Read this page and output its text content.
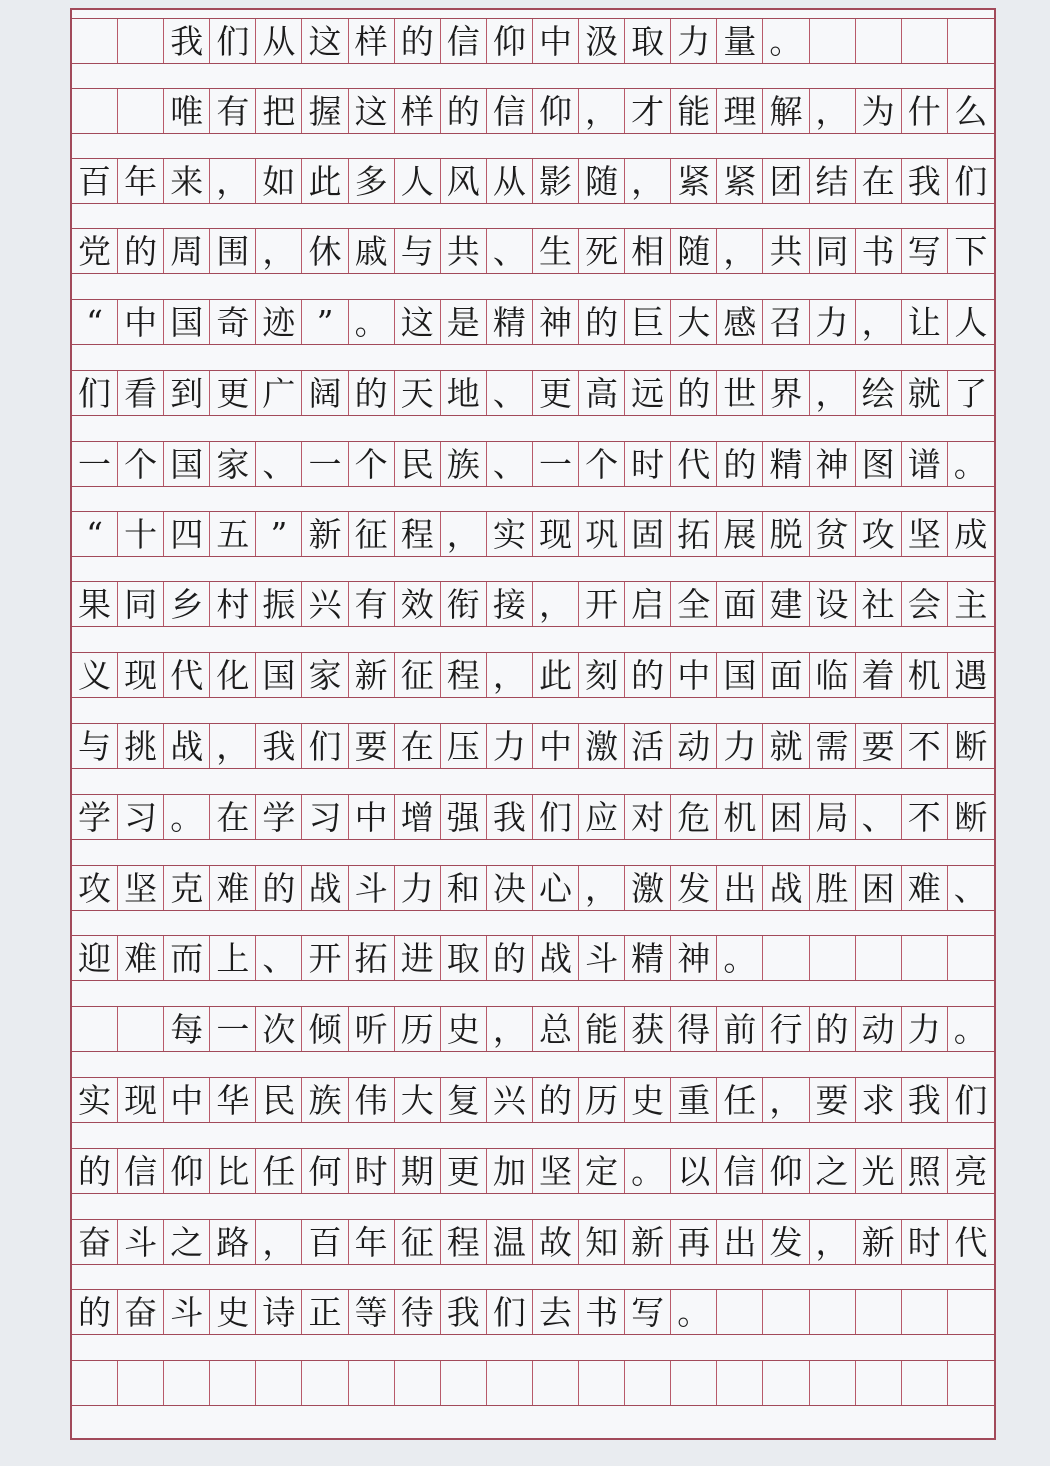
我 们 从 这 样 的 信 仰 中 汲 取 力 量 。
唯 有 把 握 这 样 的 信 仰 ， 才 能 理 解 ， 为 什 么
百 年 来 ， 如 此 多 人 风 从 影 随 ， 紧 紧 团 结 在 我 们
党 的 周 围 ， 休 戚 与 共 、 生 死 相 随 ， 共 同 书 写 下
“ 中 国 奇 迹 ” 。 这 是 精 神 的 巨 大 感 召 力 ， 让 人
们 看 到 更 广 阔 的 天 地 、 更 高 远 的 世 界 ， 绘 就 了
一 个 国 家 、 一 个 民 族 、 一 个 时 代 的 精 神 图 谱 。
“ 十 四 五 ” 新 征 程 ， 实 现 巩 固 拓 展 脱 贫 攻 坚 成
果 同 乡 村 振 兴 有 效 衔 接 ， 开 启 全 面 建 设 社 会 主
义 现 代 化 国 家 新 征 程 ， 此 刻 的 中 国 面 临 着 机 遇
与 挑 战 ， 我 们 要 在 压 力 中 激 活 动 力 就 需 要 不 断
学 习 。 在 学 习 中 增 强 我 们 应 对 危 机 困 局 、 不 断
攻 坚 克 难 的 战 斗 力 和 决 心 ， 激 发 出 战 胜 困 难 、
迎 难 而 上 、 开 拓 进 取 的 战 斗 精 神 。
每 一 次 倾 听 历 史 ， 总 能 获 得 前 行 的 动 力 。
实 现 中 华 民 族 伟 大 复 兴 的 历 史 重 任 ， 要 求 我 们
的 信 仰 比 任 何 时 期 更 加 坚 定 。 以 信 仰 之 光 照 亮
奋 斗 之 路 ， 百 年 征 程 温 故 知 新 再 出 发 ， 新 时 代
的 奋 斗 史 诗 正 等 待 我 们 去 书 写 。
